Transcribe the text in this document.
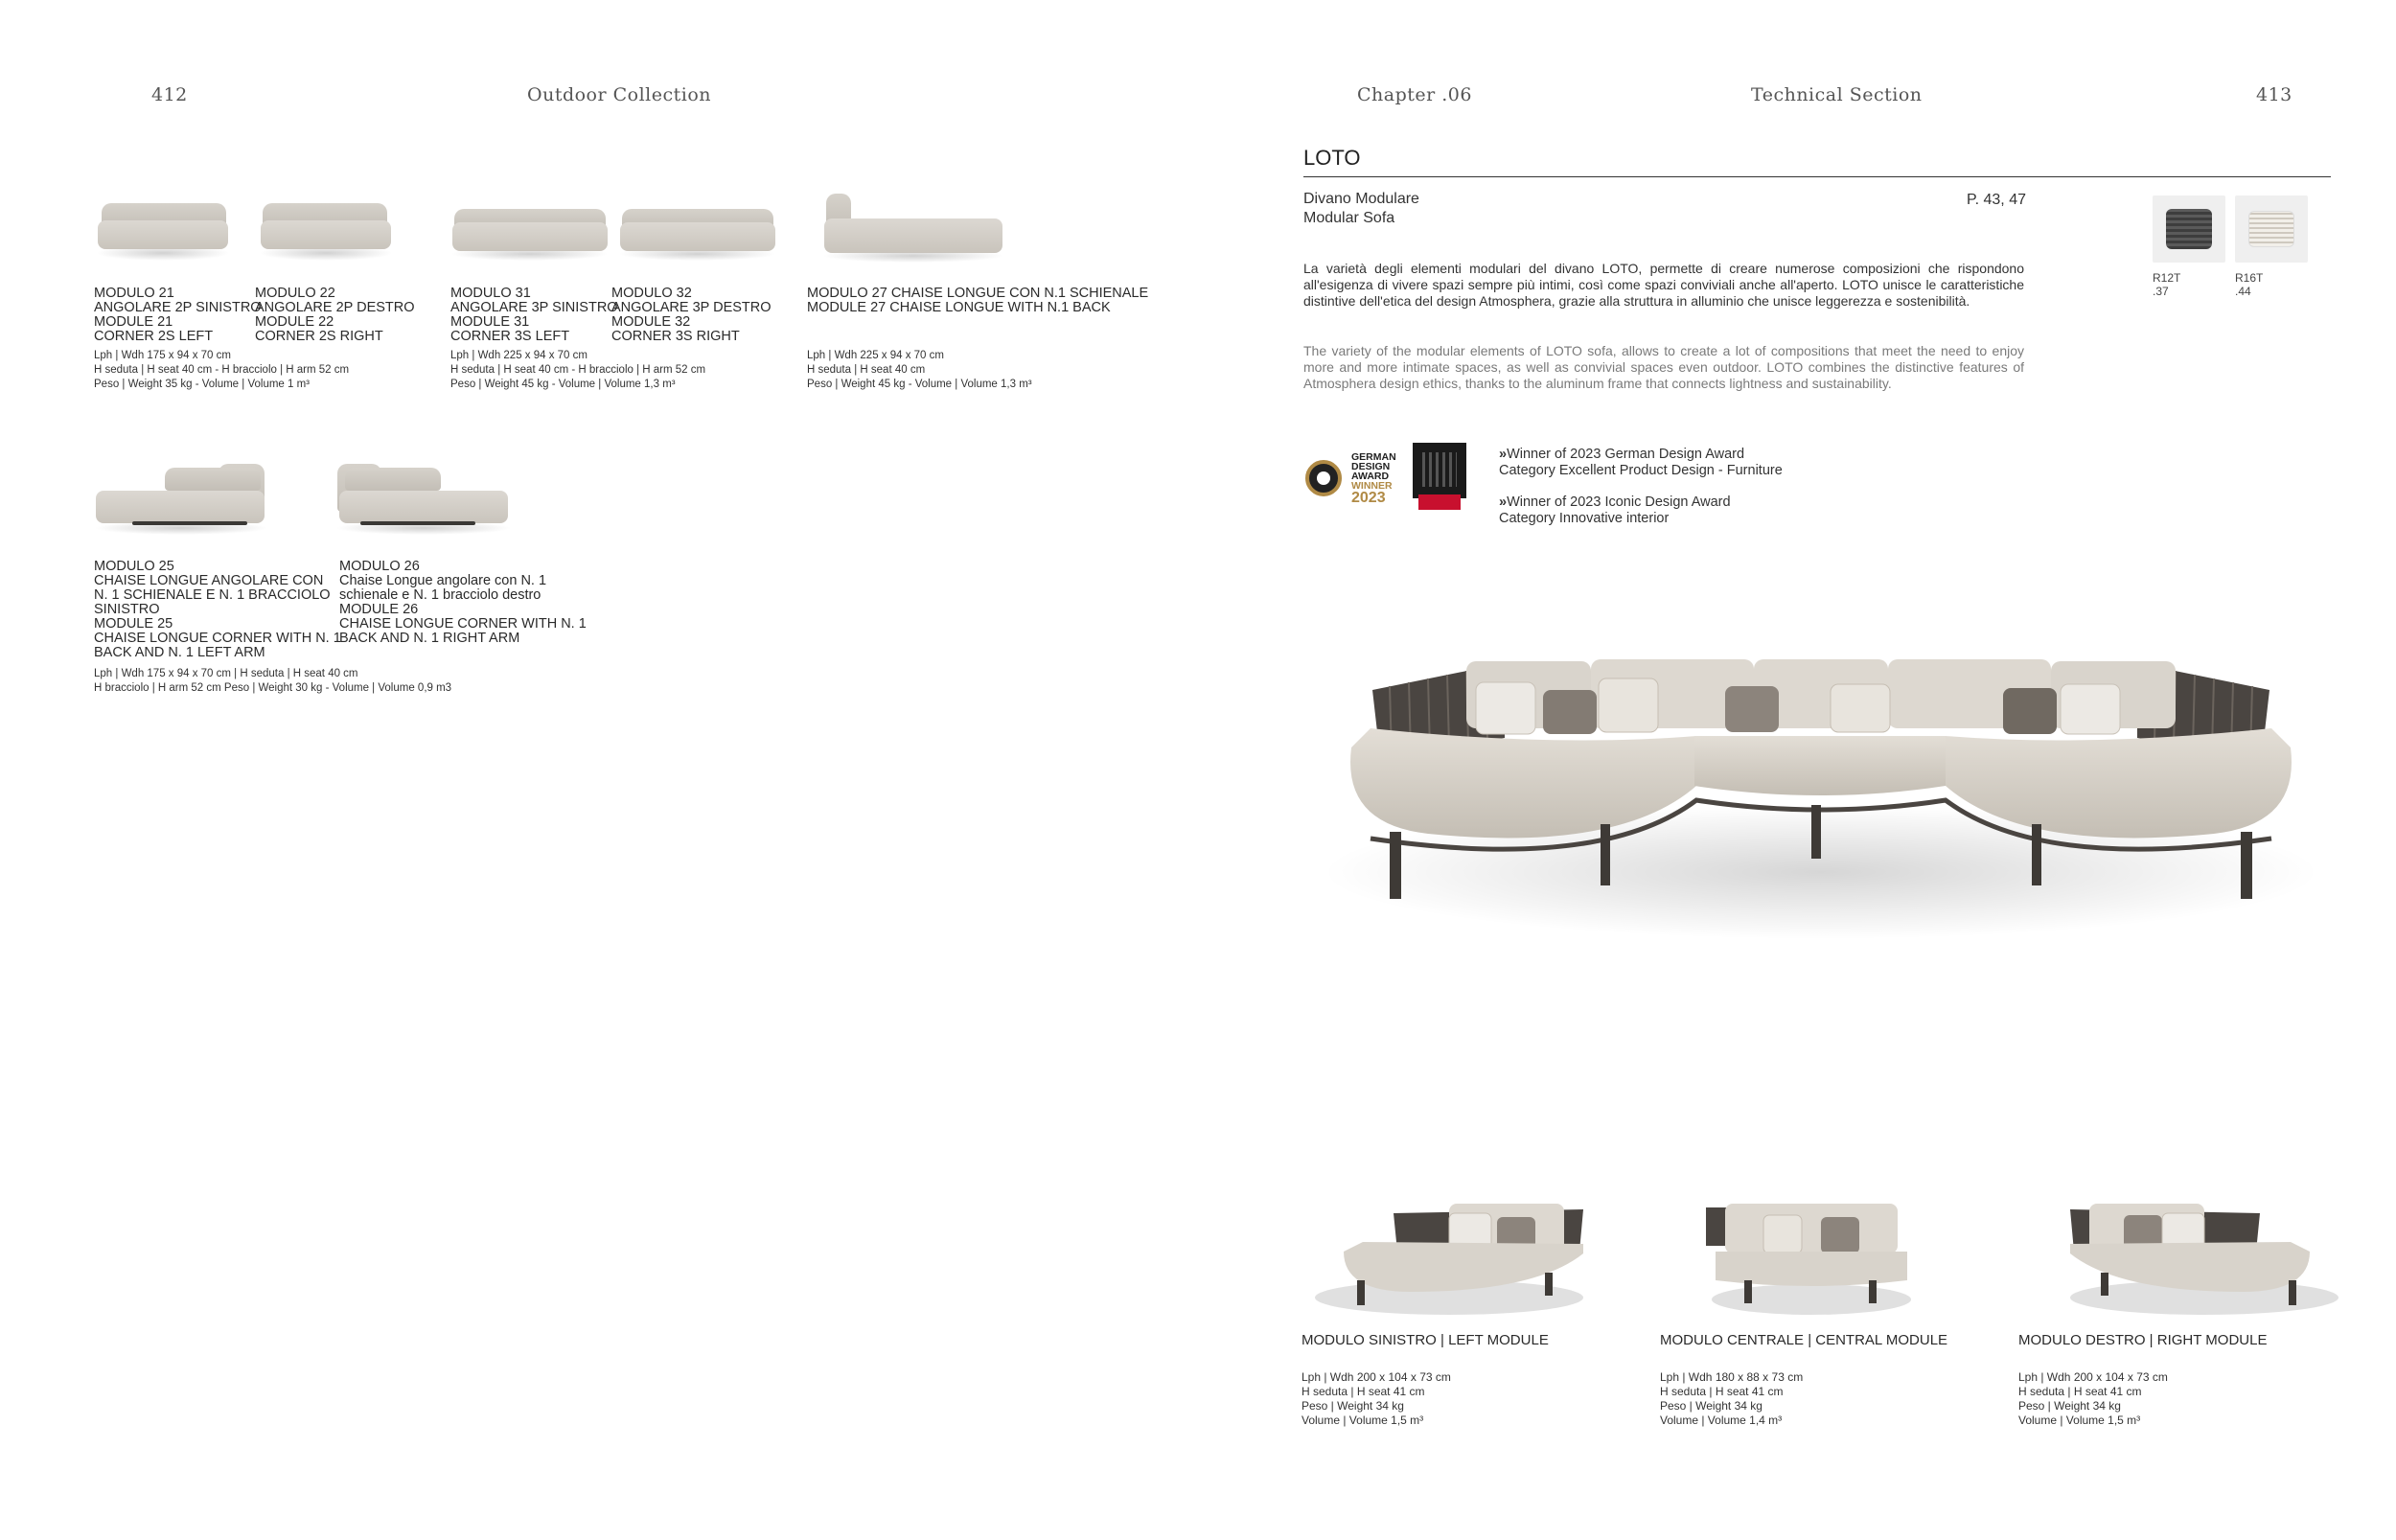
412	Outdoor Collection	Chapter .06	Technical Section	413
MODULO 21
ANGOLARE 2P SINISTRO
MODULE 21
CORNER 2S LEFT
MODULO 22
ANGOLARE 2P DESTRO
MODULE 22
CORNER 2S RIGHT
MODULO 31
ANGOLARE 3P SINISTRO
MODULE 31
CORNER 3S LEFT
MODULO 32
ANGOLARE 3P DESTRO
MODULE 32
CORNER 3S RIGHT
MODULO 27 CHAISE LONGUE CON N.1 SCHIENALE
MODULE 27 CHAISE LONGUE WITH N.1 BACK
Lph | Wdh 175 x 94 x 70 cm
H seduta | H seat 40 cm - H bracciolo | H arm 52 cm
Peso | Weight 35 kg - Volume | Volume 1 m³
Lph | Wdh 225 x 94 x 70 cm
H seduta | H seat 40 cm - H bracciolo | H arm 52 cm
Peso | Weight 45 kg - Volume | Volume 1,3 m³
Lph | Wdh 225 x 94 x 70 cm
H seduta | H seat 40 cm
Peso | Weight 45 kg - Volume | Volume 1,3 m³
MODULO 25
CHAISE LONGUE ANGOLARE CON
N. 1 SCHIENALE E N. 1 BRACCIOLO
SINISTRO
MODULE 25
CHAISE LONGUE CORNER WITH N. 1
BACK AND N. 1 LEFT ARM
MODULO 26
Chaise Longue angolare con N. 1
schienale e N. 1 bracciolo destro
MODULE 26
CHAISE LONGUE CORNER WITH N. 1
BACK AND N. 1 RIGHT ARM
Lph | Wdh 175 x 94 x 70 cm | H seduta | H seat 40 cm
H bracciolo | H arm 52 cm Peso | Weight 30 kg - Volume | Volume 0,9 m3
LOTO
Divano Modulare
Modular Sofa
P. 43, 47
R12T
.37
R16T
.44
La varietà degli elementi modulari del divano LOTO, permette di creare numerose composizioni che rispondono all'esigenza di vivere spazi sempre più intimi, così come spazi conviviali anche all'aperto. LOTO unisce le caratteristiche distintive dell'etica del design Atmosphera, grazie alla struttura in alluminio che unisce leggerezza e sostenibilità.
The variety of the modular elements of LOTO sofa, allows to create a lot of compositions that meet the need to enjoy more and more intimate spaces, as well as convivial spaces even outdoor. LOTO combines the distinctive features of Atmosphera design ethics, thanks to the aluminum frame that connects lightness and sustainability.
GERMAN
DESIGN
AWARD
WINNER
2023
»Winner of 2023 German Design Award
Category Excellent Product Design - Furniture
»Winner of 2023 Iconic Design Award
Category Innovative interior
MODULO SINISTRO | LEFT MODULE	MODULO CENTRALE | CENTRAL MODULE	MODULO DESTRO | RIGHT MODULE
Lph | Wdh 200 x 104 x 73 cm
H seduta | H seat 41 cm
Peso | Weight 34 kg
Volume | Volume 1,5 m³
Lph | Wdh 180 x 88 x 73 cm
H seduta | H seat 41 cm
Peso | Weight 34 kg
Volume | Volume 1,4 m³
Lph | Wdh 200 x 104 x 73 cm
H seduta | H seat 41 cm
Peso | Weight 34 kg
Volume | Volume 1,5 m³
